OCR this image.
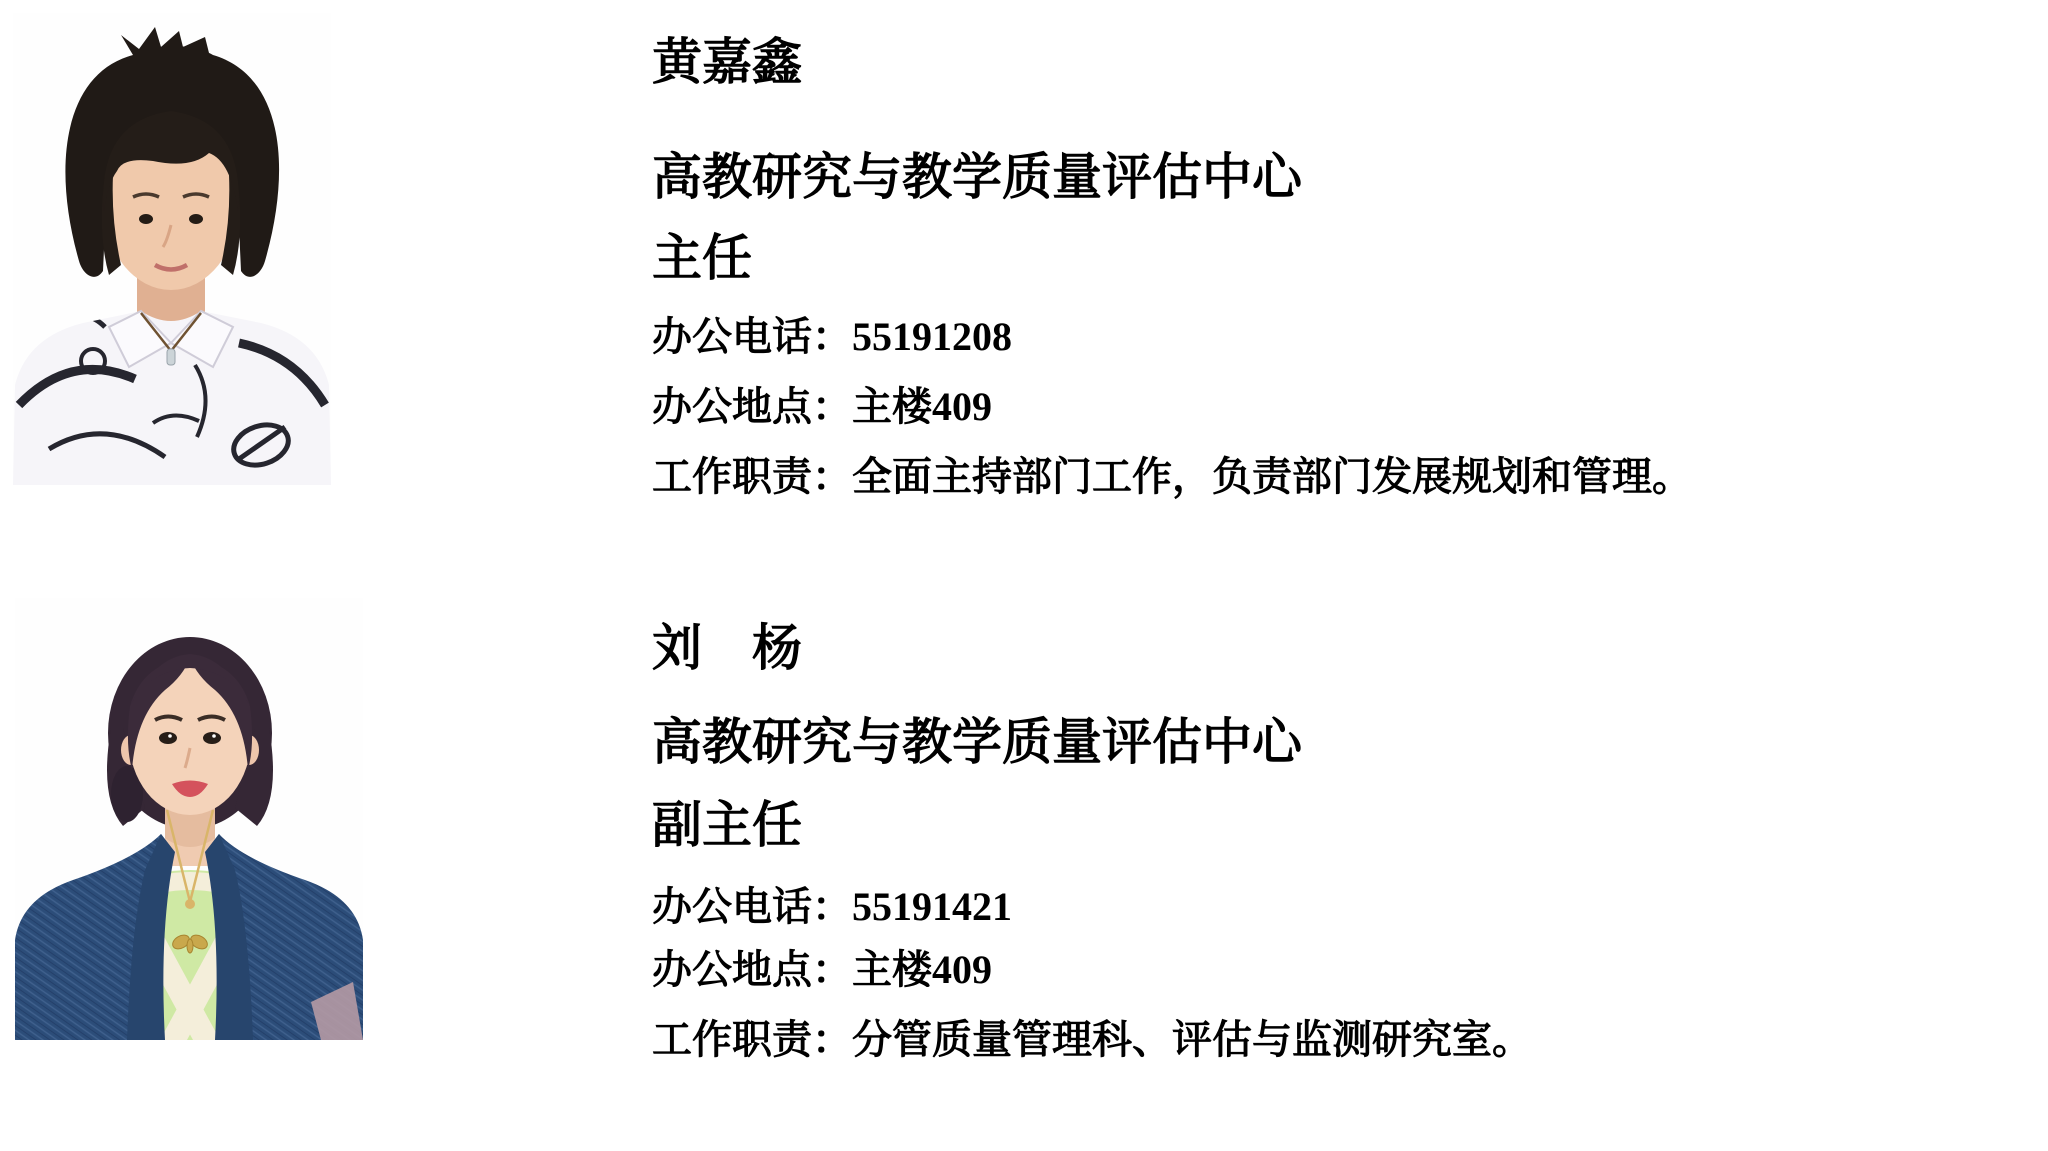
黄嘉鑫
高教研究与教学质量评估中心
主任

办公电话：55191208

办公地点：主楼409

工作职责：全面主持部门工作，负责部门发展规划和管理。

刘　杨
高教研究与教学质量评估中心
副主任

办公电话：55191421

办公地点：主楼409

工作职责：分管质量管理科、评估与监测研究室。
